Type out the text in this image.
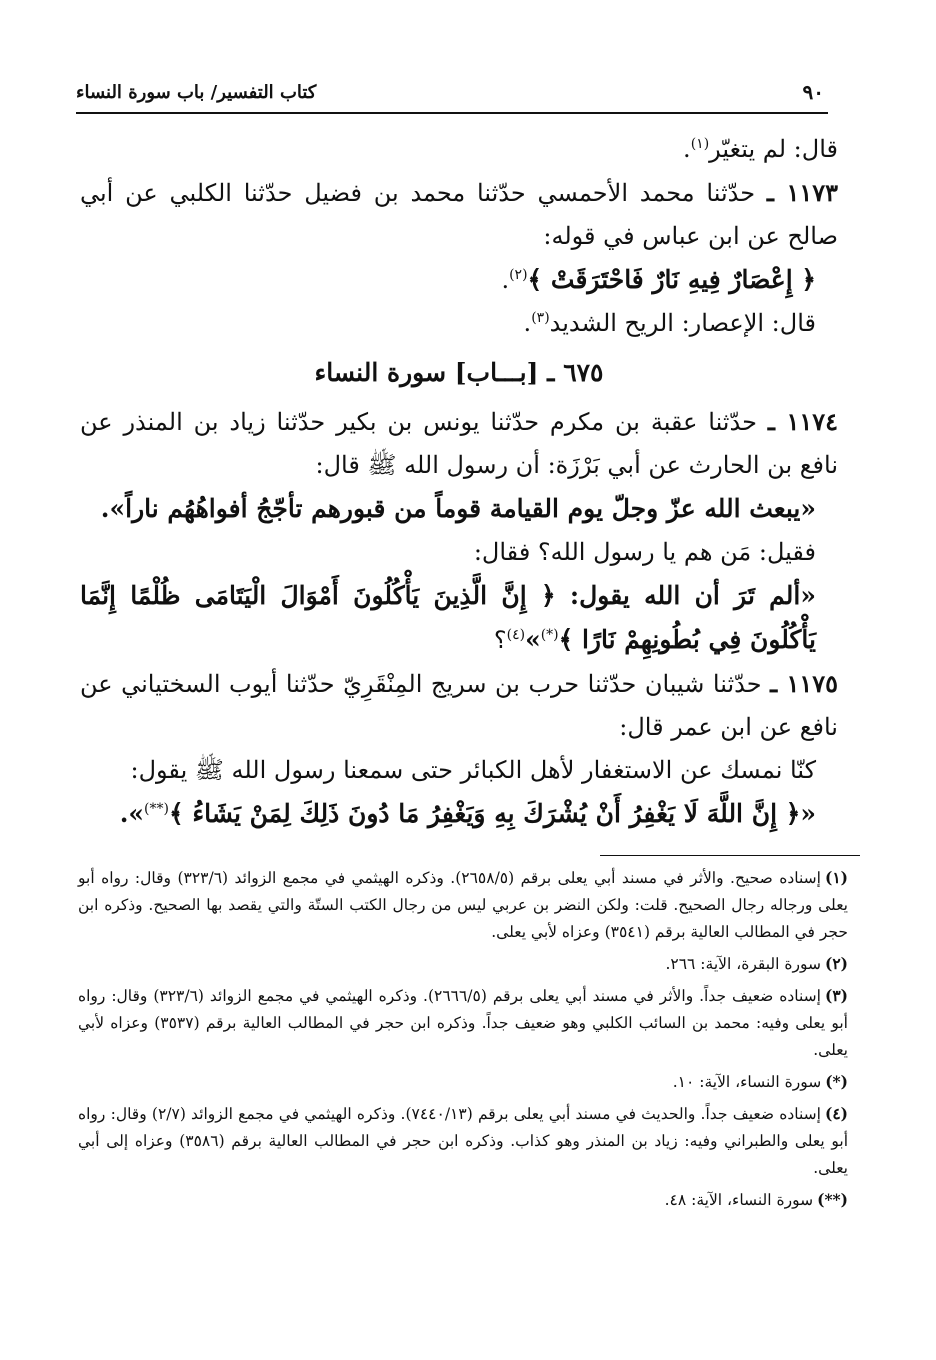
٩٠
كتاب التفسير/ باب سورة النساء

قال: لم يتغيّر$^{(١)}$.

١١٧٣ ـ حدّثنا محمد الأحمسي حدّثنا محمد بن فضيل حدّثنا الكلبي عن أبي صالح عن ابن عباس في قوله:

﴿ إِعْصَارٌ فِيهِ نَارٌ فَاحْتَرَقَتْ ﴾$^{(٢)}$.

قال: الإعصار: الريح الشديد$^{(٣)}$.

٦٧٥ ـ [بـــاب] سورة النساء

١١٧٤ ـ حدّثنا عقبة بن مكرم حدّثنا يونس بن بكير حدّثنا زياد بن المنذر عن نافع بن الحارث عن أبي بَرْزَة: أن رسول الله ﷺ قال:

«يبعث الله عزّ وجلّ يوم القيامة قوماً من قبورهم تأجّجُ أفواهُهُم ناراً».

فقيل: مَن هم يا رسول الله؟ فقال:

«ألم تَرَ أن الله يقول: ﴿ إِنَّ الَّذِينَ يَأْكُلُونَ أَمْوَالَ الْيَتَامَى ظُلْمًا إِنَّمَا يَأْكُلُونَ فِي بُطُونِهِمْ نَارًا ﴾(*)»$^{(٤)}$؟

١١٧٥ ـ حدّثنا شيبان حدّثنا حرب بن سريج المِنْقَرِيّ حدّثنا أيوب السختياني عن نافع عن ابن عمر قال:

كنّا نمسك عن الاستغفار لأهل الكبائر حتى سمعنا رسول الله ﷺ يقول:

«﴿ إِنَّ اللَّهَ لَا يَغْفِرُ أَنْ يُشْرَكَ بِهِ وَيَغْفِرُ مَا دُونَ ذَلِكَ لِمَنْ يَشَاءُ ﴾(**)».

(١)إسناده صحيح. والأثر في مسند أبي يعلى برقم (٢٦٥٨/٥). وذكره الهيثمي في مجمع الزوائد (٣٢٣/٦) وقال: رواه أبو يعلى ورجاله رجال الصحيح. قلت: ولكن النضر بن عربي ليس من رجال الكتب الستّة والتي يقصد بها الصحيح. وذكره ابن حجر في المطالب العالية برقم (٣٥٤١) وعزاه لأبي يعلى.

(٢)سورة البقرة، الآية: ٢٦٦.

(٣)إسناده ضعيف جداً. والأثر في مسند أبي يعلى برقم (٢٦٦٦/٥). وذكره الهيثمي في مجمع الزوائد (٣٢٣/٦) وقال: رواه أبو يعلى وفيه: محمد بن السائب الكلبي وهو ضعيف جداً. وذكره ابن حجر في المطالب العالية برقم (٣٥٣٧) وعزاه لأبي يعلى.

(*)سورة النساء، الآية: ١٠.

(٤)إسناده ضعيف جداً. والحديث في مسند أبي يعلى برقم (٧٤٤٠/١٣). وذكره الهيثمي في مجمع الزوائد (٢/٧) وقال: رواه أبو يعلى والطبراني وفيه: زياد بن المنذر وهو كذاب. وذكره ابن حجر في المطالب العالية برقم (٣٥٨٦) وعزاه إلى أبي يعلى.

(**)سورة النساء، الآية: ٤٨.
